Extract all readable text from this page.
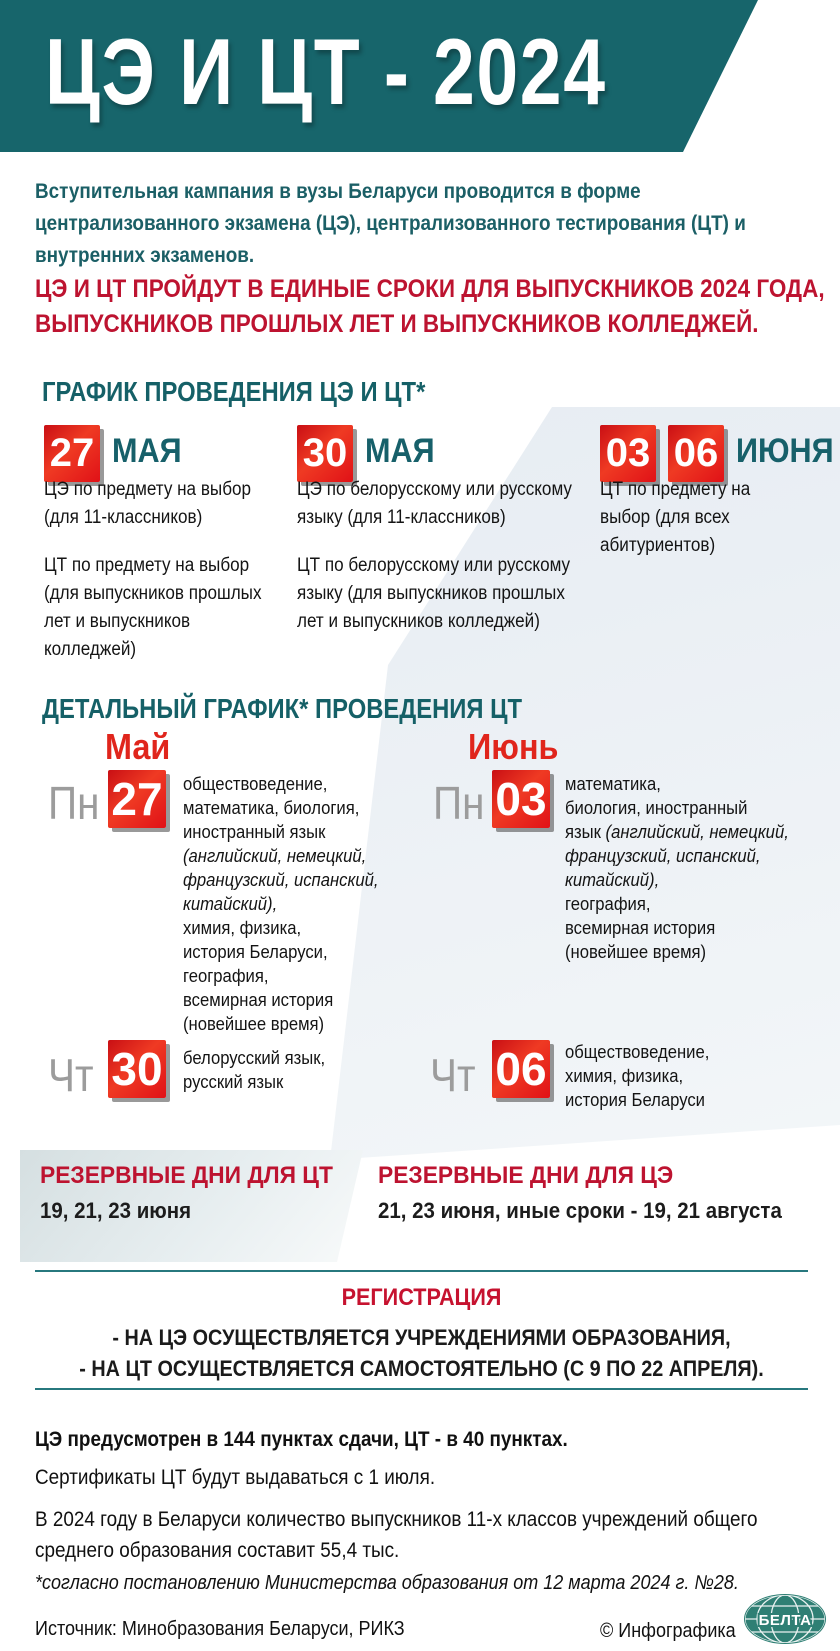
ЦЭ И ЦТ - 2024
Вступительная кампания в вузы Беларуси проводится в форме
централизованного экзамена (ЦЭ), централизованного тестирования (ЦТ) и
внутренних экзаменов.
ЦЭ И ЦТ ПРОЙДУТ В ЕДИНЫЕ СРОКИ ДЛЯ ВЫПУСКНИКОВ 2024 ГОДА,
ВЫПУСКНИКОВ ПРОШЛЫХ ЛЕТ И ВЫПУСКНИКОВ КОЛЛЕДЖЕЙ.
ГРАФИК ПРОВЕДЕНИЯ ЦЭ И ЦТ*
27 МАЯ
ЦЭ по предмету на выбор
(для 11-классников)
ЦТ по предмету на выбор
(для выпускников прошлых
лет и выпускников
колледжей)
30 МАЯ
ЦЭ по белорусскому или русскому
языку (для 11-классников)
ЦТ по белорусскому или русскому
языку (для выпускников прошлых
лет и выпускников колледжей)
03 06 ИЮНЯ
ЦТ по предмету на
выбор (для всех
абитуриентов)
ДЕТАЛЬНЫЙ ГРАФИК* ПРОВЕДЕНИЯ ЦТ
Май
Пн 27 обществоведение,
математика, биология,
иностранный язык
(английский, немецкий,
французский, испанский,
китайский),
химия, физика,
история Беларуси,
география,
всемирная история
(новейшее время)
Чт 30 белорусский язык,
русский язык
Июнь
Пн 03 математика,
биология, иностранный
язык (английский, немецкий,
французский, испанский,
китайский),
география,
всемирная история
(новейшее время)
Чт 06 обществоведение,
химия, физика,
история Беларуси
РЕЗЕРВНЫЕ ДНИ ДЛЯ ЦТ
19, 21, 23 июня
РЕЗЕРВНЫЕ ДНИ ДЛЯ ЦЭ
21, 23 июня, иные сроки - 19, 21 августа
РЕГИСТРАЦИЯ
- НА ЦЭ ОСУЩЕСТВЛЯЕТСЯ УЧРЕЖДЕНИЯМИ ОБРАЗОВАНИЯ,
- НА ЦТ ОСУЩЕСТВЛЯЕТСЯ САМОСТОЯТЕЛЬНО (С 9 ПО 22 АПРЕЛЯ).
ЦЭ предусмотрен в 144 пунктах сдачи, ЦТ - в 40 пунктах.
Сертификаты ЦТ будут выдаваться с 1 июля.
В 2024 году в Беларуси количество выпускников 11-х классов учреждений общего
среднего образования составит 55,4 тыс.
*согласно постановлению Министерства образования от 12 марта 2024 г. №28.
Источник: Минобразования Беларуси, РИКЗ	© Инфографика БЕЛТА
